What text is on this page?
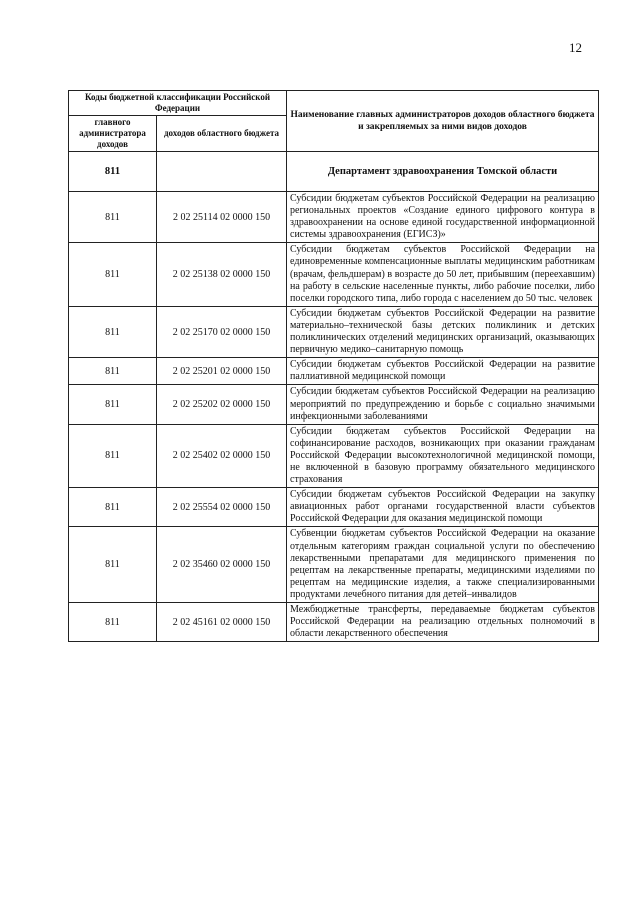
12
Коды бюджетной классификации Российской Федерации		Наименование главных администраторов доходов областного бюджета и закрепляемых за ними видов доходов
главного администратора доходов	доходов областного бюджета	
811		Департамент здравоохранения Томской области
811	2 02 25114 02 0000 150	Субсидии бюджетам субъектов Российской Федерации на реализацию региональных проектов «Создание единого цифрового контура в здравоохранении на основе единой государственной информационной системы здравоохранения (ЕГИСЗ)»
811	2 02 25138 02 0000 150	Субсидии бюджетам субъектов Российской Федерации на единовременные компенсационные выплаты медицинским работникам (врачам, фельдшерам) в возрасте до 50 лет, прибывшим (переехавшим) на работу в сельские населенные пункты, либо рабочие поселки, либо поселки городского типа, либо города с населением до 50 тыс. человек
811	2 02 25170 02 0000 150	Субсидии бюджетам субъектов Российской Федерации на развитие материально–технической базы детских поликлиник и детских поликлинических отделений медицинских организаций, оказывающих первичную медико–санитарную помощь
811	2 02 25201 02 0000 150	Субсидии бюджетам субъектов Российской Федерации на развитие паллиативной медицинской помощи
811	2 02 25202 02 0000 150	Субсидии бюджетам субъектов Российской Федерации на реализацию мероприятий по предупреждению и борьбе с социально значимыми инфекционными заболеваниями
811	2 02 25402 02 0000 150	Субсидии бюджетам субъектов Российской Федерации на софинансирование расходов, возникающих при оказании гражданам Российской Федерации высокотехнологичной медицинской помощи, не включенной в базовую программу обязательного медицинского страхования
811	2 02 25554 02 0000 150	Субсидии бюджетам субъектов Российской Федерации на закупку авиационных работ органами государственной власти субъектов Российской Федерации для оказания медицинской помощи
811	2 02 35460 02 0000 150	Субвенции бюджетам субъектов Российской Федерации на оказание отдельным категориям граждан социальной услуги по обеспечению лекарственными препаратами для медицинского применения по рецептам на лекарственные препараты, медицинскими изделиями по рецептам на медицинские изделия, а также специализированными продуктами лечебного питания для детей–инвалидов
811	2 02 45161 02 0000 150	Межбюджетные трансферты, передаваемые бюджетам субъектов Российской Федерации на реализацию отдельных полномочий в области лекарственного обеспечения
